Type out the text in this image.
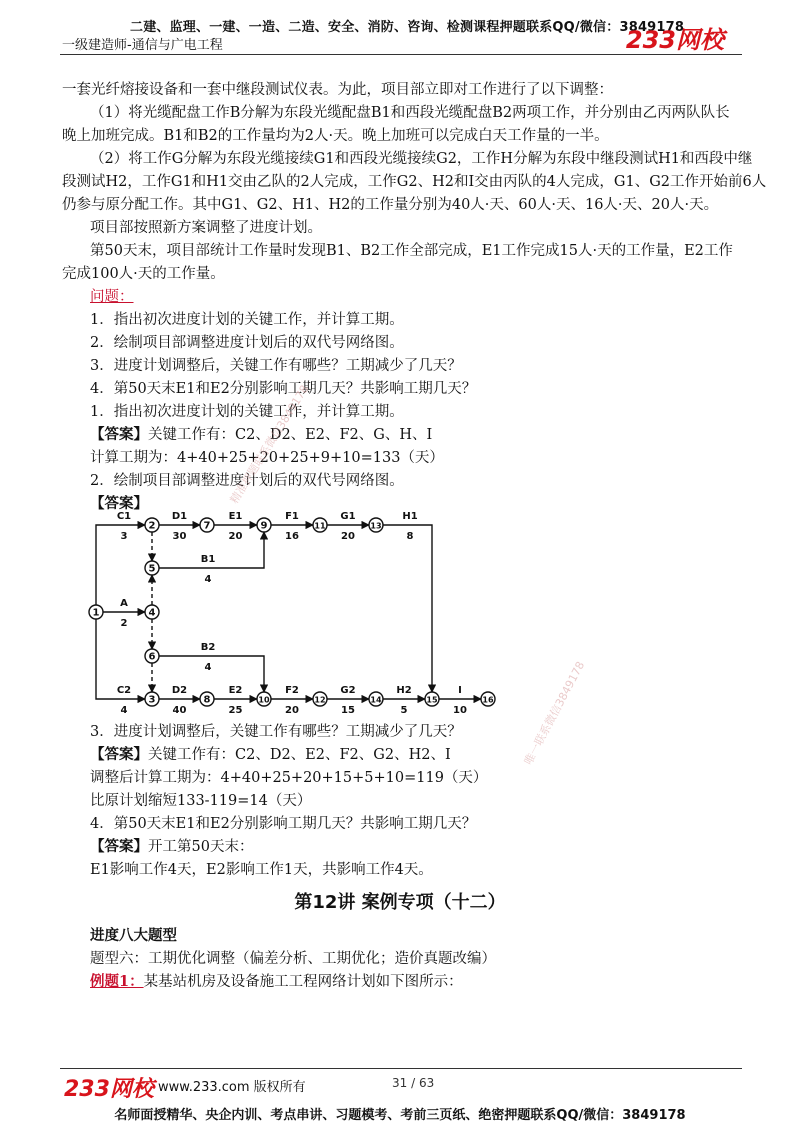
二建、监理、一建、一造、二造、安全、消防、咨询、检测课程押题联系QQ/微信：3849178
一级建造师-通信与广电工程	233网校
一套光纤熔接设备和一套中继段测试仪表。为此，项目部立即对工作进行了以下调整：
（1）将光缆配盘工作B分解为东段光缆配盘B1和西段光缆配盘B2两项工作，并分别由乙丙两队队长
晚上加班完成。B1和B2的工作量均为2人·天。晚上加班可以完成白天工作量的一半。
（2）将工作G分解为东段光缆接续G1和西段光缆接续G2，工作H分解为东段中继段测试H1和西段中继
段测试H2，工作G1和H1交由乙队的2人完成，工作G2、H2和I交由丙队的4人完成，G1、G2工作开始前6人
仍参与原分配工作。其中G1、G2、H1、H2的工作量分别为40人·天、60人·天、16人·天、20人·天。
项目部按照新方案调整了进度计划。
第50天末，项目部统计工作量时发现B1、B2工作全部完成，E1工作完成15人·天的工作量，E2工作
完成100人·天的工作量。
问题：
1．指出初次进度计划的关键工作，并计算工期。
2．绘制项目部调整进度计划后的双代号网络图。
3．进度计划调整后，关键工作有哪些？工期减少了几天？
4．第50天末E1和E2分别影响工期几天？共影响工期几天？
1．指出初次进度计划的关键工作，并计算工期。
【答案】关键工作有：C2、D2、E2、F2、G、H、I
计算工期为：4+40+25+20+25+9+10=133（天）
2．绘制项目部调整进度计划后的双代号网络图。
【答案】
C1
3
D1
30
E1
20
F1
16
G1
20
H1
8
A
2
B1
4
B2
4
C2
4
D2
40
E2
25
F2
20
G2
15
H2
5
I
10
1
2
3
4
5
6
7
8
9
10
11
12
13
14	15	16
3．进度计划调整后，关键工作有哪些？工期减少了几天？
【答案】关键工作有：C2、D2、E2、F2、G2、H2、I
调整后计算工期为：4+40+25+20+15+5+10=119（天）
比原计划缩短133-119=14（天）
4．第50天末E1和E2分别影响工期几天？共影响工期几天？
【答案】开工第50天末：
E1影响工作4天，E2影响工作1天，共影响工作4天。
第12讲 案例专项（十二）
进度八大题型
题型六：工期优化调整（偏差分析、工期优化；造价真题改编）
例题1：某基站机房及设备施工工程网络计划如下图所示：
精准押题联系微信3849178
唯一联系微信3849178
233网校 www.233.com 版权所有	31 / 63
名师面授精华、央企内训、考点串讲、习题模考、考前三页纸、绝密押题联系QQ/微信：3849178
